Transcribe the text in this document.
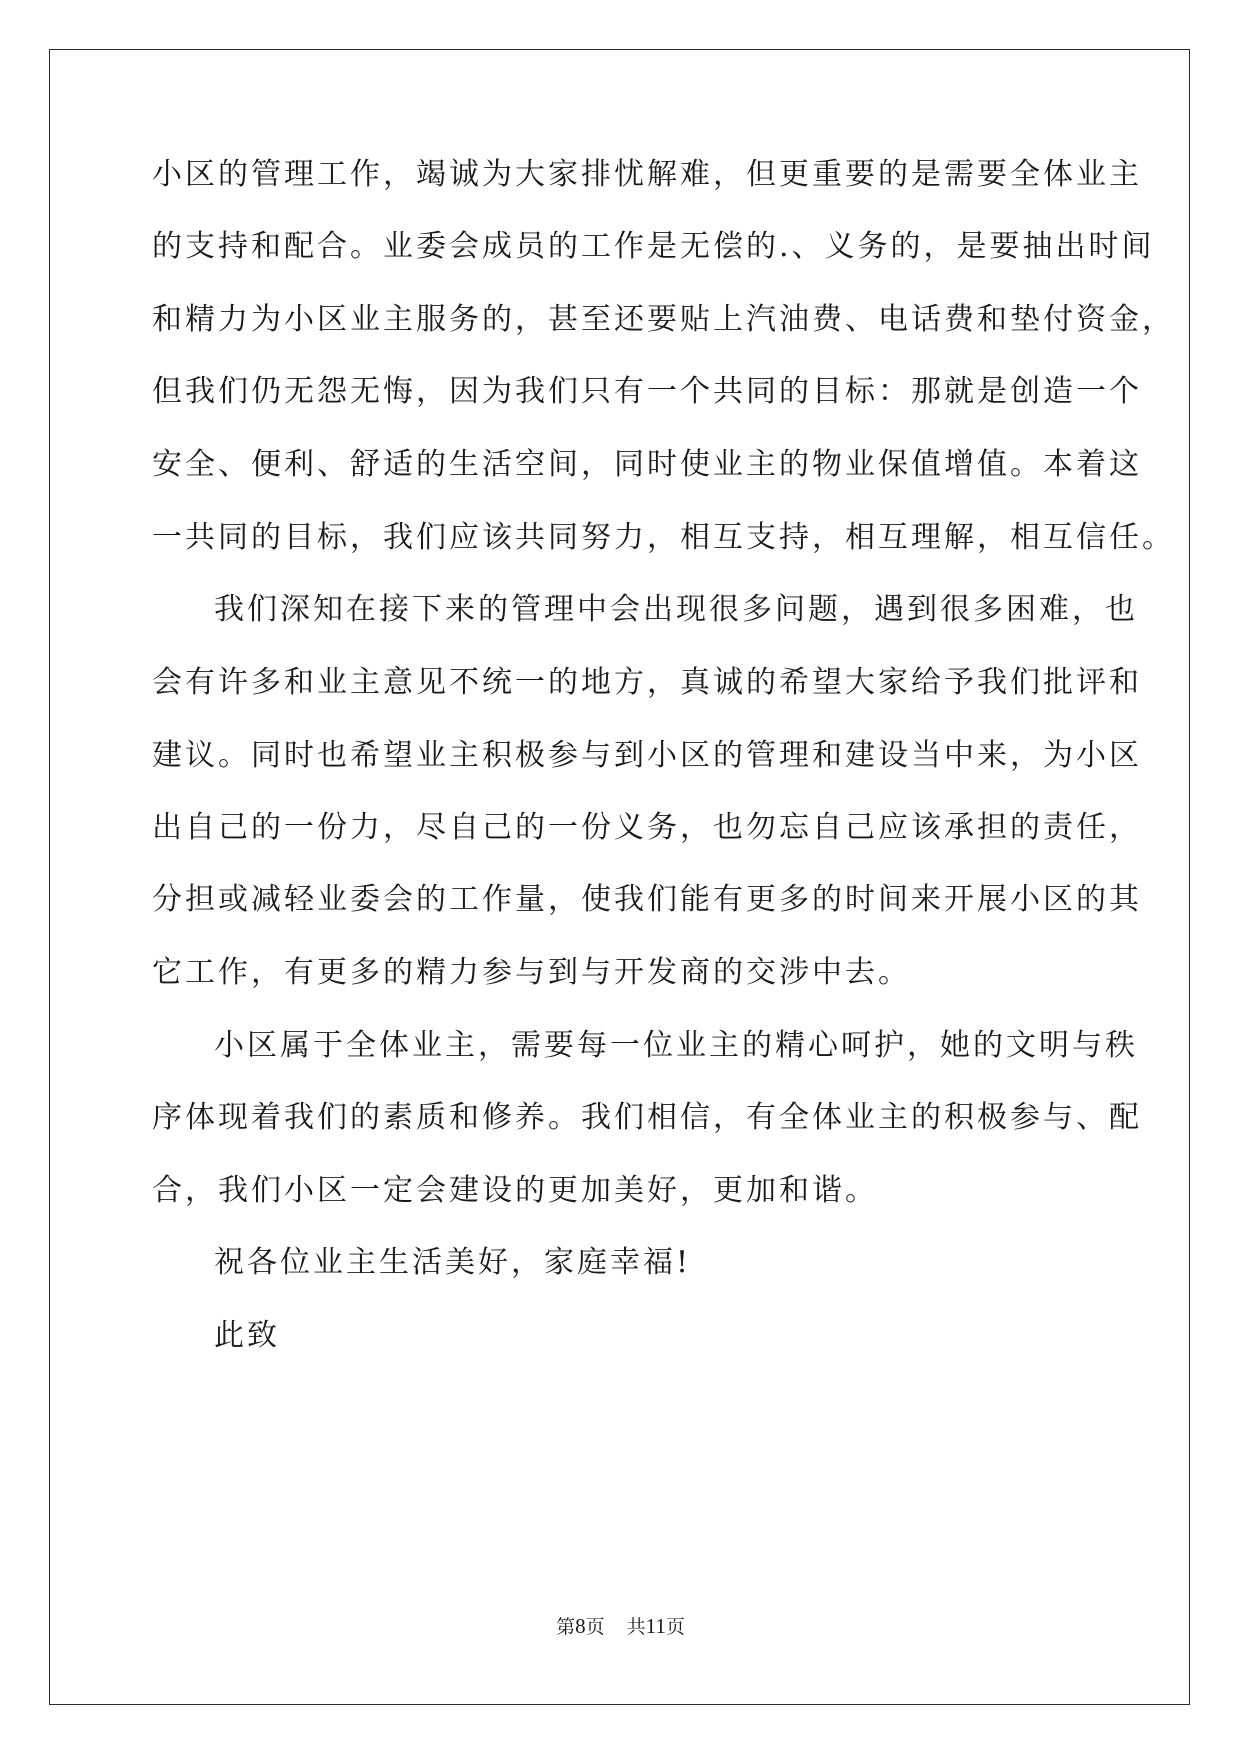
小区的管理工作，竭诚为大家排忧解难，但更重要的是需要全体业主
的支持和配合。业委会成员的工作是无偿的.、义务的，是要抽出时间
和精力为小区业主服务的，甚至还要贴上汽油费、电话费和垫付资金，
但我们仍无怨无悔，因为我们只有一个共同的目标：那就是创造一个
安全、便利、舒适的生活空间，同时使业主的物业保值增值。本着这
一共同的目标，我们应该共同努力，相互支持，相互理解，相互信任。
我们深知在接下来的管理中会出现很多问题，遇到很多困难，也
会有许多和业主意见不统一的地方，真诚的希望大家给予我们批评和
建议。同时也希望业主积极参与到小区的管理和建设当中来，为小区
出自己的一份力，尽自己的一份义务，也勿忘自己应该承担的责任，
分担或减轻业委会的工作量，使我们能有更多的时间来开展小区的其
它工作，有更多的精力参与到与开发商的交涉中去。
小区属于全体业主，需要每一位业主的精心呵护，她的文明与秩
序体现着我们的素质和修养。我们相信，有全体业主的积极参与、配
合，我们小区一定会建设的更加美好，更加和谐。
祝各位业主生活美好，家庭幸福!
此致
第8页 共11页
